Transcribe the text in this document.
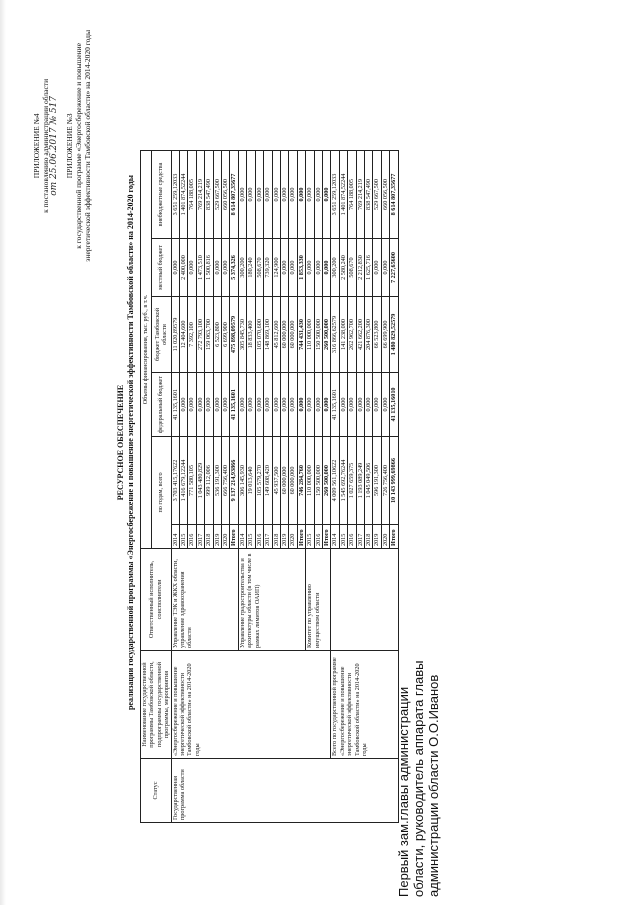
ПРИЛОЖЕНИЕ №4 к постановлению администрации области от 25.06.2017 № 517 ПРИЛОЖЕНИЕ №3 к государственной программе «Энергосбережение и повышение энергетической эффективности Тамбовской области» на 2014-2020 годы
РЕСУРСНОЕ ОБЕСПЕЧЕНИЕ реализации государственной программы «Энергосбережение и повышение энергетической эффективности Тамбовской области» на 2014-2020 годы
Статус	Наименование государственной программы Тамбовской области, подпрограммы государственной программы, мероприятия	Ответственный исполнитель, соисполнители	Объемы финансирования, тыс. руб., в т.ч.					
			по годам, всего		федеральный бюджет	бюджет Тамбовской области	местный бюджет	внебюджетные средства
Государственная программа области	«Энергосбережение и повышение энергетической эффективности Тамбовской области» на 2014-2020 годы	Управление ТЭК и ЖКХ области, управление здравоохранения области	2014	3 703 415,17622	41 135,1601	11 020,89579	0,000	3 651 259,12033
			2015	1 416 679,12244	0,000	12 404,600	2 400,000	1 401 874,52244
			2016	771 580,105	0,000	7 392,100	0,000	764 188,005
			2017	1 043 480,829	0,000	272 793,100	1 473,510	769 214,219
			2018	999 112,006	0,000	159 063,700	1 500,816	838 547,490
			2019	536 191,300	0,000	6 523,800	0,000	529 667,500
			2020	666 756,400	0,000	6 699,900	0,000	660 056,500
			Итого	9 137 214,93866	41 135,1601	475 898,09579	5 374,326	8 614 807,35677
		Управление градостроительства и архитектуры области (в том числе в рамках лимитов ОАИП)	2014	306 145,930	0,000	305 845,730	300,200	0,000
			2015	19 013,640	0,000	18 833,400	180,240	0,000
			2016	105 579,270	0,000	105 070,600	508,670	0,000
			2017	149 608,420	0,000	148 869,100	739,320	0,000
			2018	45 937,500	0,000	45 812,600	124,900	0,000
			2019	60 000,000	0,000	60 000,000	0,000	0,000
			2020	60 000,000	0,000	60 000,000	0,000	0,000
			Итого	746 284,760	0,000	744 431,430	1 853,330	0,000
		Комитет по управлению имуществом области	2015	110 000,000	0,000	110 000,000	0,000	0,000
			2016	150 500,000	0,000	150 500,000	0,000	0,000
			Итого	260 500,000	0,000	260 500,000	0,000	0,000
	Всего по государственной программе «Энергосбережение и повышение энергетической эффективности Тамбовской области» на 2014-2020 годы		2014	4 009 561,10622	41 135,1601	316 866,62579	300,200	3 651 259,12033
			2015	1 545 692,76244	0,000	141 238,000	2 580,240	1 401 874,52244
			2016	1 027 659,375	0,000	262 962,700	508,670	764 188,005
			2017	1 193 089,249	0,000	421 662,200	2 212,830	769 214,219
			2018	1 045 049,506	0,000	204 876,300	1 625,716	838 547,490
			2019	596 191,300	0,000	66 523,800	0,000	529 667,500
			2020	726 756,400	0,000	66 699,900	0,000	660 056,500
			Итого	10 143 999,69866	41 135,16010	1 480 829,52579	7 227,65600	8 614 807,35677
Первый зам.главы администрации области, руководитель аппарата главы администрации области О.О.Иванов
